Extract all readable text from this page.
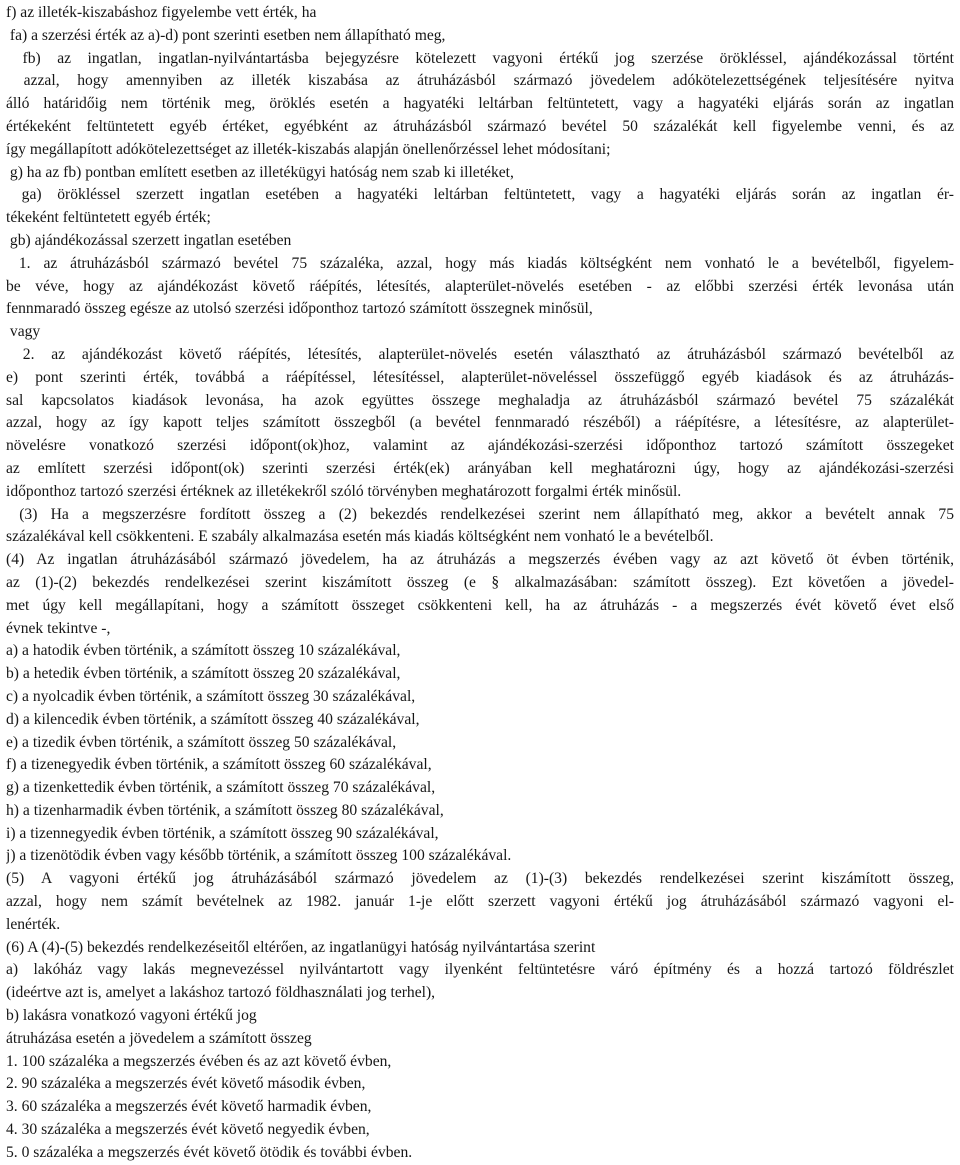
f) az illeték-kiszabáshoz figyelembe vett érték, ha
fa) a szerzési érték az a)-d) pont szerinti esetben nem állapítható meg,
fb) az ingatlan, ingatlan-nyilvántartásba bejegyzésre kötelezett vagyoni értékű jog szerzése örökléssel, ajándékozással történt
azzal, hogy amennyiben az illeték kiszabása az átruházásból származó jövedelem adókötelezettségének teljesítésére nyitva
álló határidőig nem történik meg, öröklés esetén a hagyatéki leltárban feltüntetett, vagy a hagyatéki eljárás során az ingatlan
értékeként feltüntetett egyéb értéket, egyébként az átruházásból származó bevétel 50 százalékát kell figyelembe venni, és az
így megállapított adókötelezettséget az illeték-kiszabás alapján önellenőrzéssel lehet módosítani;
g) ha az fb) pontban említett esetben az illetékügyi hatóság nem szab ki illetéket,
ga) örökléssel szerzett ingatlan esetében a hagyatéki leltárban feltüntetett, vagy a hagyatéki eljárás során az ingatlan ér-
tékeként feltüntetett egyéb érték;
gb) ajándékozással szerzett ingatlan esetében
1. az átruházásból származó bevétel 75 százaléka, azzal, hogy más kiadás költségként nem vonható le a bevételből, figyelem-
be véve, hogy az ajándékozást követő ráépítés, létesítés, alapterület-növelés esetében - az előbbi szerzési érték levonása után
fennmaradó összeg egésze az utolsó szerzési időponthoz tartozó számított összegnek minősül,
vagy
2. az ajándékozást követő ráépítés, létesítés, alapterület-növelés esetén választható az átruházásból származó bevételből az
e) pont szerinti érték, továbbá a ráépítéssel, létesítéssel, alapterület-növeléssel összefüggő egyéb kiadások és az átruházás-
sal kapcsolatos kiadások levonása, ha azok együttes összege meghaladja az átruházásból származó bevétel 75 százalékát
azzal, hogy az így kapott teljes számított összegből (a bevétel fennmaradó részéből) a ráépítésre, a létesítésre, az alapterület-
növelésre vonatkozó szerzési időpont(ok)hoz, valamint az ajándékozási-szerzési időponthoz tartozó számított összegeket
az említett szerzési időpont(ok) szerinti szerzési érték(ek) arányában kell meghatározni úgy, hogy az ajándékozási-szerzési
időponthoz tartozó szerzési értéknek az illetékekről szóló törvényben meghatározott forgalmi érték minősül.
(3) Ha a megszerzésre fordított összeg a (2) bekezdés rendelkezései szerint nem állapítható meg, akkor a bevételt annak 75
százalékával kell csökkenteni. E szabály alkalmazása esetén más kiadás költségként nem vonható le a bevételből.
(4) Az ingatlan átruházásából származó jövedelem, ha az átruházás a megszerzés évében vagy az azt követő öt évben történik,
az (1)-(2) bekezdés rendelkezései szerint kiszámított összeg (e § alkalmazásában: számított összeg). Ezt követően a jövedel-
met úgy kell megállapítani, hogy a számított összeget csökkenteni kell, ha az átruházás - a megszerzés évét követő évet első
évnek tekintve -,
a) a hatodik évben történik, a számított összeg 10 százalékával,
b) a hetedik évben történik, a számított összeg 20 százalékával,
c) a nyolcadik évben történik, a számított összeg 30 százalékával,
d) a kilencedik évben történik, a számított összeg 40 százalékával,
e) a tizedik évben történik, a számított összeg 50 százalékával,
f) a tizenegyedik évben történik, a számított összeg 60 százalékával,
g) a tizenkettedik évben történik, a számított összeg 70 százalékával,
h) a tizenharmadik évben történik, a számított összeg 80 százalékával,
i) a tizennegyedik évben történik, a számított összeg 90 százalékával,
j) a tizenötödik évben vagy később történik, a számított összeg 100 százalékával.
(5) A vagyoni értékű jog átruházásából származó jövedelem az (1)-(3) bekezdés rendelkezései szerint kiszámított összeg,
azzal, hogy nem számít bevételnek az 1982. január 1-je előtt szerzett vagyoni értékű jog átruházásából származó vagyoni el-
lenérték.
(6) A (4)-(5) bekezdés rendelkezéseitől eltérően, az ingatlanügyi hatóság nyilvántartása szerint
a) lakóház vagy lakás megnevezéssel nyilvántartott vagy ilyenként feltüntetésre váró építmény és a hozzá tartozó földrészlet
(ideértve azt is, amelyet a lakáshoz tartozó földhasználati jog terhel),
b) lakásra vonatkozó vagyoni értékű jog
átruházása esetén a jövedelem a számított összeg
1. 100 százaléka a megszerzés évében és az azt követő évben,
2. 90 százaléka a megszerzés évét követő második évben,
3. 60 százaléka a megszerzés évét követő harmadik évben,
4. 30 százaléka a megszerzés évét követő negyedik évben,
5. 0 százaléka a megszerzés évét követő ötödik és további évben.
